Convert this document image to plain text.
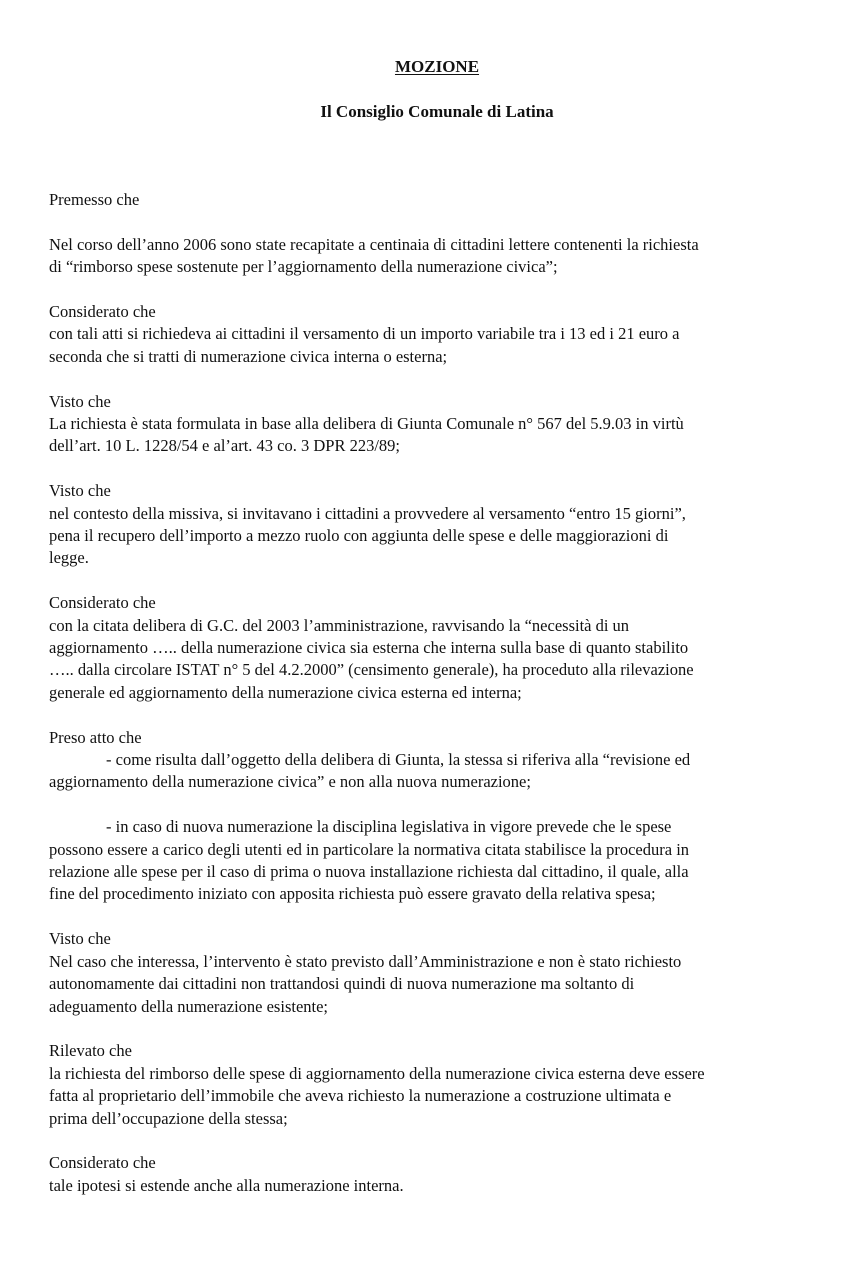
MOZIONE
Il Consiglio Comunale di Latina
Premesso che
Nel corso dell’anno 2006 sono state recapitate a centinaia di cittadini lettere contenenti la richiesta
di “rimborso spese sostenute per l’aggiornamento della numerazione civica”;
Considerato che
con tali atti si richiedeva ai cittadini il versamento di un importo variabile tra i 13 ed i 21 euro a
seconda che si tratti di numerazione civica interna o esterna;
Visto che
La richiesta è stata formulata in base alla delibera di Giunta Comunale n° 567 del 5.9.03 in virtù
dell’art. 10 L. 1228/54 e al’art. 43 co. 3 DPR 223/89;
Visto che
nel contesto della missiva, si invitavano i cittadini a provvedere al versamento “entro 15 giorni”,
pena il recupero dell’importo a mezzo ruolo con aggiunta delle spese e delle maggiorazioni di
legge.
Considerato che
con la citata delibera di G.C. del 2003 l’amministrazione, ravvisando la “necessità di un
aggiornamento ….. della numerazione civica sia esterna che interna sulla base di quanto stabilito
….. dalla circolare ISTAT n° 5 del 4.2.2000” (censimento generale), ha proceduto alla rilevazione
generale ed aggiornamento della numerazione civica esterna ed interna;
Preso atto che
- come risulta dall’oggetto della delibera di Giunta, la stessa si riferiva alla “revisione ed
aggiornamento della numerazione civica” e non alla nuova numerazione;
- in caso di nuova numerazione la disciplina legislativa in vigore prevede che le spese
possono essere a carico degli utenti ed in particolare la normativa citata stabilisce la procedura in
relazione alle spese per il caso di prima o nuova installazione richiesta dal cittadino, il quale, alla
fine del procedimento iniziato con apposita richiesta può essere gravato della relativa spesa;
Visto che
Nel caso che interessa, l’intervento è stato previsto dall’Amministrazione e non è stato richiesto
autonomamente dai cittadini non trattandosi quindi di nuova numerazione ma soltanto di
adeguamento della numerazione esistente;
Rilevato che
la richiesta del rimborso delle spese di aggiornamento della numerazione civica esterna deve essere
fatta al proprietario dell’immobile che aveva richiesto la numerazione a costruzione ultimata e
prima dell’occupazione della stessa;
Considerato che
tale ipotesi si estende anche alla numerazione interna.
